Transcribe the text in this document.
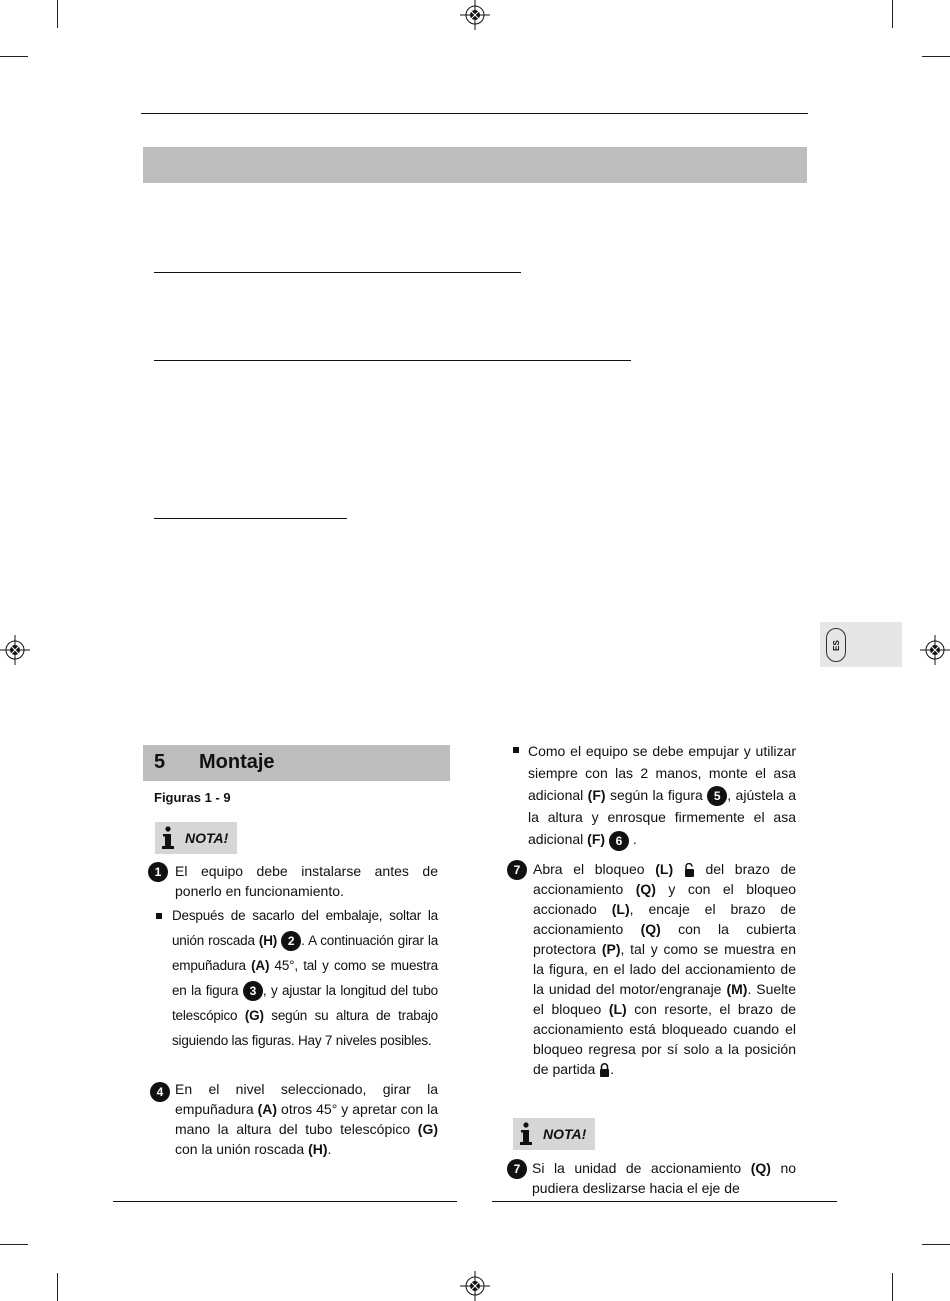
ES
5 Montaje
Figuras 1 - 9
NOTA!
1 El equipo debe instalarse antes de ponerlo en funcionamiento.
Después de sacarlo del embalaje, soltar la unión roscada (H) 2 . A continuación girar la empuñadura (A) 45°, tal y como se muestra en la figura 3 , y ajustar la longitud del tubo telescópico (G) según su altura de trabajo siguiendo las figuras. Hay 7 niveles posibles.
4 En el nivel seleccionado, girar la empuñadura (A) otros 45° y apretar con la mano la altura del tubo telescópico (G) con la unión roscada (H).
Como el equipo se debe empujar y utilizar siempre con las 2 manos, monte el asa adicional (F) según la figura 5 , ajústela a la altura y enrosque firmemente el asa adicional (F) 6 .
7 Abra el bloqueo (L) del brazo de accionamiento (Q) y con el bloqueo accionado (L), encaje el brazo de accionamiento (Q) con la cubierta protectora (P), tal y como se muestra en la figura, en el lado del accionamiento de la unidad del motor/engranaje (M). Suelte el bloqueo (L) con resorte, el brazo de accionamiento está bloqueado cuando el bloqueo regresa por sí solo a la posición de partida .
NOTA!
7 Si la unidad de accionamiento (Q) no pudiera deslizarse hacia el eje de
